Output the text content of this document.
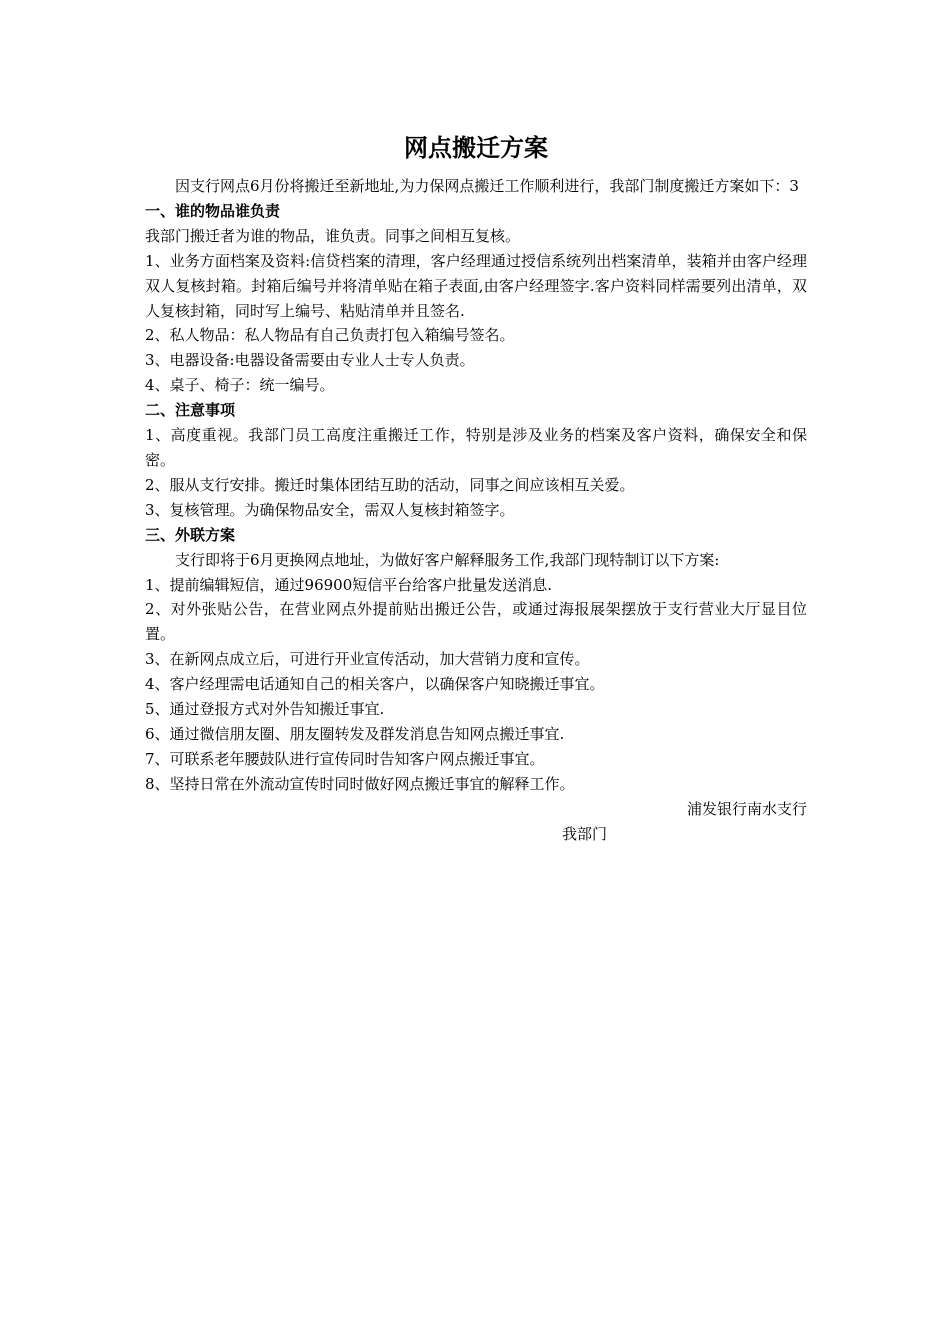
网点搬迁方案

因支行网点6月份将搬迁至新地址,为力保网点搬迁工作顺利进行，我部门制度搬迁方案如下：3

一、谁的物品谁负责

我部门搬迁者为谁的物品，谁负责。同事之间相互复核。

1、业务方面档案及资料:信贷档案的清理，客户经理通过授信系统列出档案清单，装箱并由客户经理双人复核封箱。封箱后编号并将清单贴在箱子表面,由客户经理签字.客户资料同样需要列出清单，双人复核封箱，同时写上编号、粘贴清单并且签名.

2、私人物品：私人物品有自己负责打包入箱编号签名。

3、电器设备:电器设备需要由专业人士专人负责。

4、桌子、椅子：统一编号。

二、注意事项

1、高度重视。我部门员工高度注重搬迁工作，特别是涉及业务的档案及客户资料，确保安全和保密。

2、服从支行安排。搬迁时集体团结互助的活动，同事之间应该相互关爱。

3、复核管理。为确保物品安全，需双人复核封箱签字。

三、外联方案

支行即将于6月更换网点地址，为做好客户解释服务工作,我部门现特制订以下方案:

1、提前编辑短信，通过96900短信平台给客户批量发送消息.

2、对外张贴公告，在营业网点外提前贴出搬迁公告，或通过海报展架摆放于支行营业大厅显目位置。

3、在新网点成立后，可进行开业宣传活动，加大营销力度和宣传。

4、客户经理需电话通知自己的相关客户，以确保客户知晓搬迁事宜。

5、通过登报方式对外告知搬迁事宜.

6、通过微信朋友圈、朋友圈转发及群发消息告知网点搬迁事宜.

7、可联系老年腰鼓队进行宣传同时告知客户网点搬迁事宜。

8、坚持日常在外流动宣传时同时做好网点搬迁事宜的解释工作。

浦发银行南水支行

我部门
